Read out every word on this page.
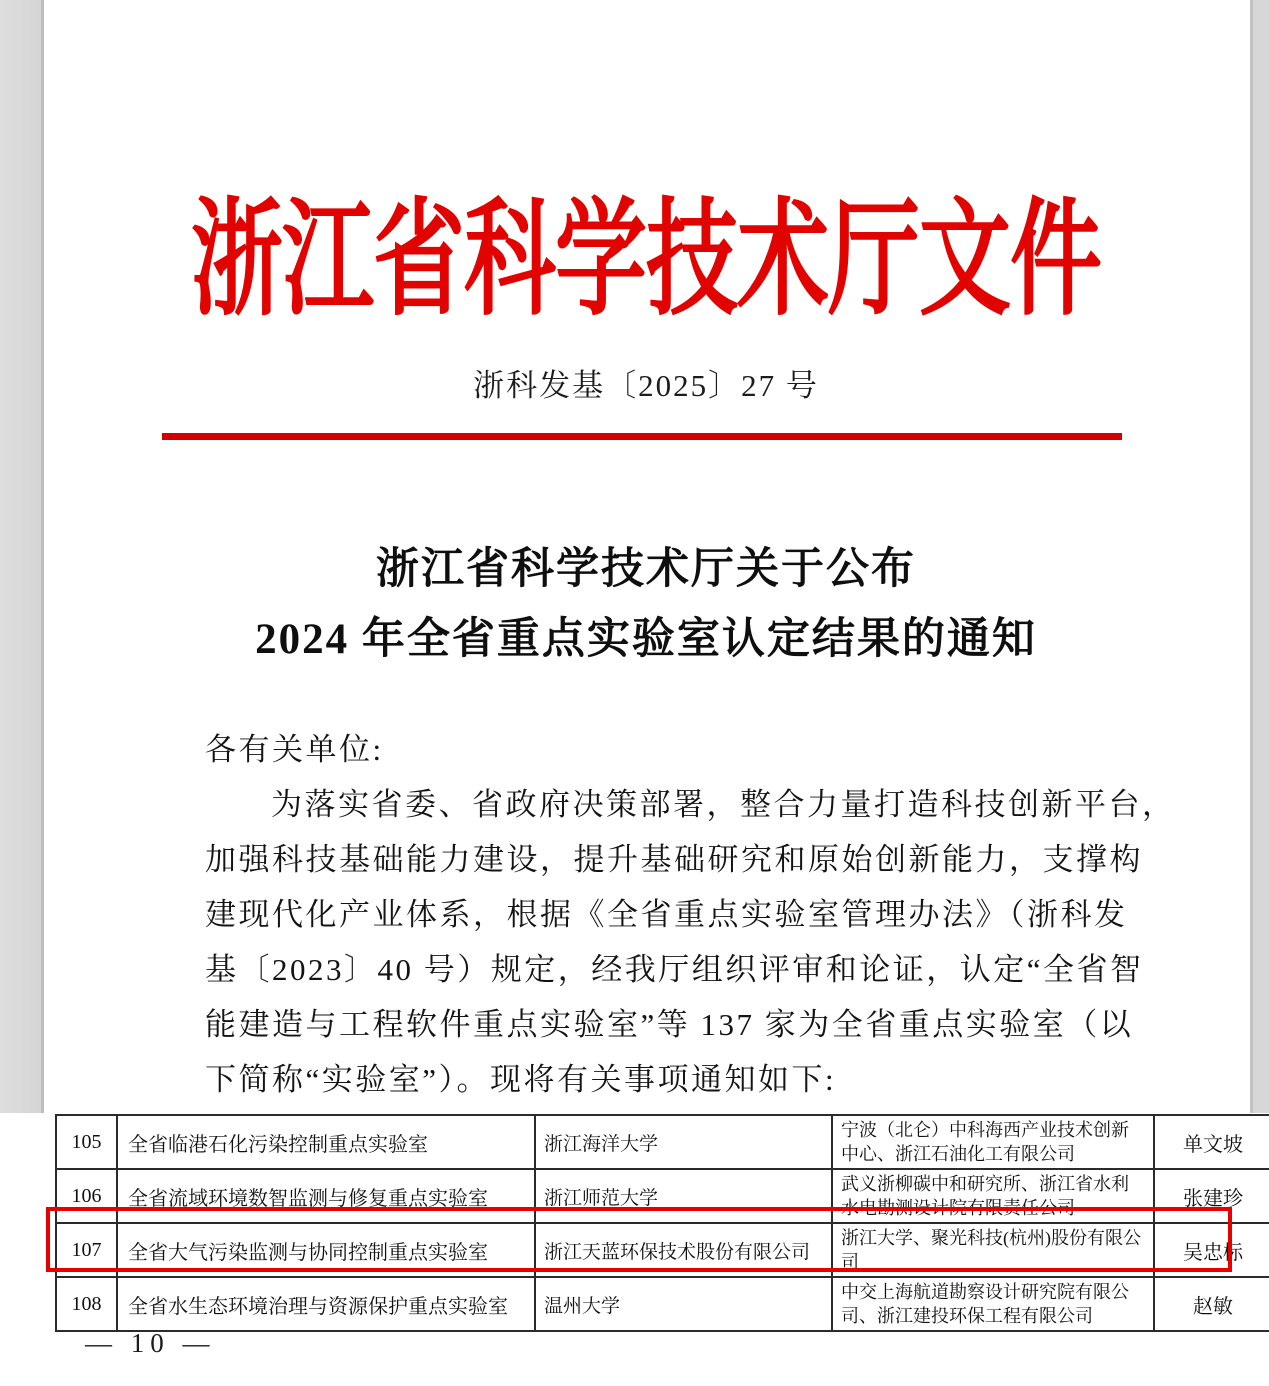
浙江省科学技术厅文件
浙科发基〔2025〕27 号
浙江省科学技术厅关于公布
2024 年全省重点实验室认定结果的通知
各有关单位:
为落实省委、省政府决策部署，整合力量打造科技创新平台，
加强科技基础能力建设，提升基础研究和原始创新能力，支撑构
建现代化产业体系，根据《全省重点实验室管理办法》（浙科发
基〔2023〕40 号）规定，经我厅组织评审和论证，认定“全省智
能建造与工程软件重点实验室”等 137 家为全省重点实验室（以
下简称“实验室”）。现将有关事项通知如下:
105	全省临港石化污染控制重点实验室	浙江海洋大学	宁波（北仑）中科海西产业技术创新中心、浙江石油化工有限公司	单文坡
106	全省流域环境数智监测与修复重点实验室	浙江师范大学	武义浙柳碳中和研究所、浙江省水利水电勘测设计院有限责任公司	张建珍
107	全省大气污染监测与协同控制重点实验室	浙江天蓝环保技术股份有限公司	浙江大学、聚光科技(杭州)股份有限公司	吴忠标
108	全省水生态环境治理与资源保护重点实验室	温州大学	中交上海航道勘察设计研究院有限公司、浙江建投环保工程有限公司	赵敏
— 10 —
